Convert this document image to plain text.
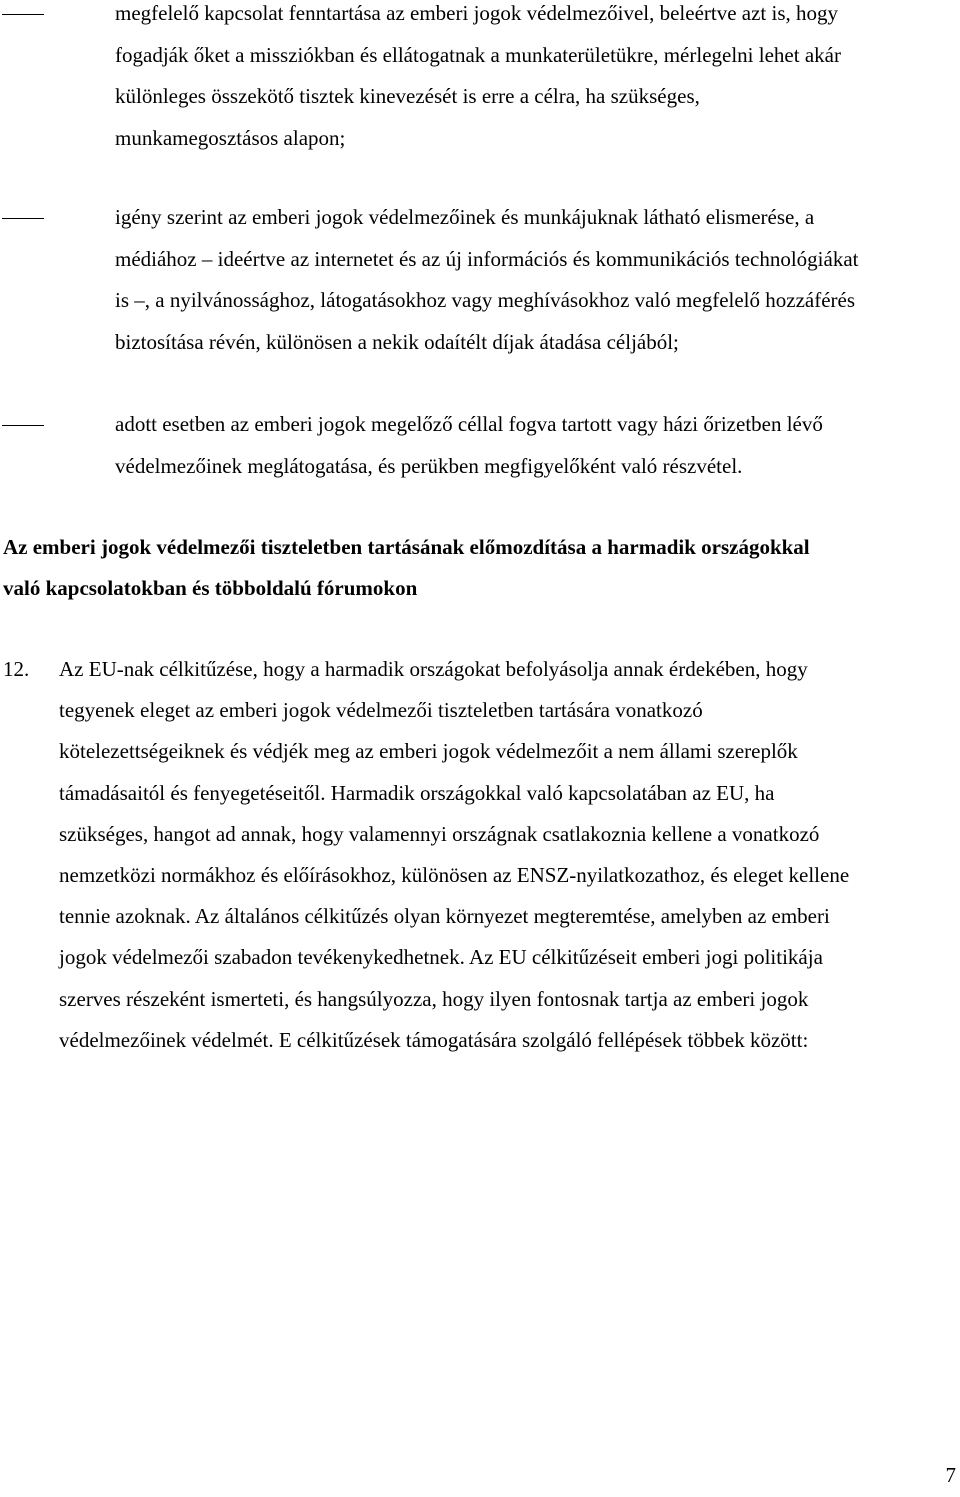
megfelelő kapcsolat fenntartása az emberi jogok védelmezőivel, beleértve azt is, hogy
fogadják őket a missziókban és ellátogatnak a munkaterületükre, mérlegelni lehet akár
különleges összekötő tisztek kinevezését is erre a célra, ha szükséges,
munkamegosztásos alapon;
igény szerint az emberi jogok védelmezőinek és munkájuknak látható elismerése, a
médiához – ideértve az internetet és az új információs és kommunikációs technológiákat
is –, a nyilvánossághoz, látogatásokhoz vagy meghívásokhoz való megfelelő hozzáférés
biztosítása révén, különösen a nekik odaítélt díjak átadása céljából;
adott esetben az emberi jogok megelőző céllal fogva tartott vagy házi őrizetben lévő
védelmezőinek meglátogatása, és perükben megfigyelőként való részvétel.
Az emberi jogok védelmezői tiszteletben tartásának előmozdítása a harmadik országokkal
való kapcsolatokban és többoldalú fórumokon
12. Az EU-nak célkitűzése, hogy a harmadik országokat befolyásolja annak érdekében, hogy
tegyenek eleget az emberi jogok védelmezői tiszteletben tartására vonatkozó
kötelezettségeiknek és védjék meg az emberi jogok védelmezőit a nem állami szereplők
támadásaitól és fenyegetéseitől. Harmadik országokkal való kapcsolatában az EU, ha
szükséges, hangot ad annak, hogy valamennyi országnak csatlakoznia kellene a vonatkozó
nemzetközi normákhoz és előírásokhoz, különösen az ENSZ-nyilatkozathoz, és eleget kellene
tennie azoknak. Az általános célkitűzés olyan környezet megteremtése, amelyben az emberi
jogok védelmezői szabadon tevékenykedhetnek. Az EU célkitűzéseit emberi jogi politikája
szerves részeként ismerteti, és hangsúlyozza, hogy ilyen fontosnak tartja az emberi jogok
védelmezőinek védelmét. E célkitűzések támogatására szolgáló fellépések többek között:
7
